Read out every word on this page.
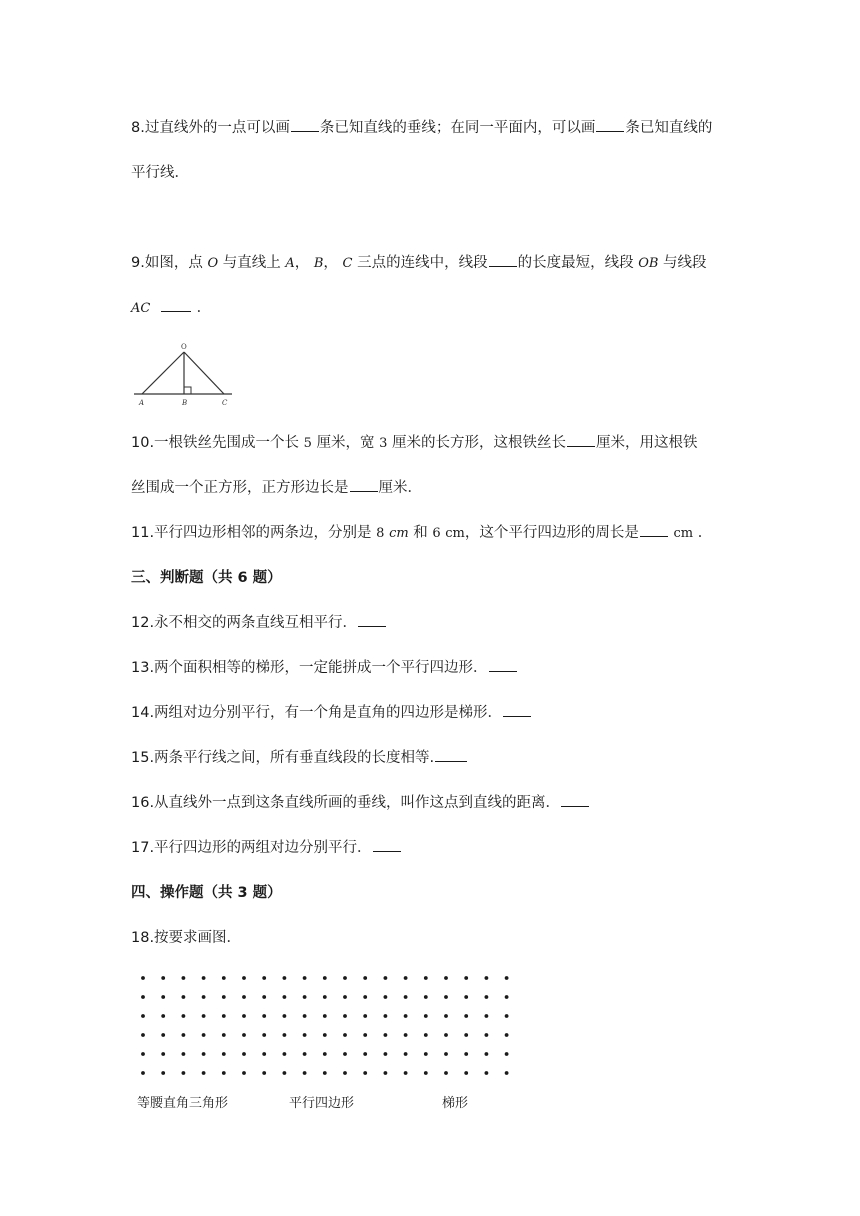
8.过直线外的一点可以画 条已知直线的垂线；在同一平面内，可以画 条已知直线的
平行线．
9.如图，点 O 与直线上 A， B， C 三点的连线中，线段 的长度最短，线段 OB 与线段
AC	．
O
A	B	C
10.一根铁丝先围成一个长 5 厘米，宽 3 厘米的长方形，这根铁丝长 厘米，用这根铁
丝围成一个正方形，正方形边长是 厘米．
11.平行四边形相邻的两条边，分别是 8 cm 和 6 cm，这个平行四边形的周长是	cm ．
三、判断题（共 6 题）
12.永不相交的两条直线互相平行．
13.两个面积相等的梯形，一定能拼成一个平行四边形．
14.两组对边分别平行，有一个角是直角的四边形是梯形．
15.两条平行线之间，所有垂直线段的长度相等.
16.从直线外一点到这条直线所画的垂线，叫作这点到直线的距离．
17.平行四边形的两组对边分别平行．
四、操作题（共 3 题）
18.按要求画图．
等腰直角三角形	平行四边形	梯形
